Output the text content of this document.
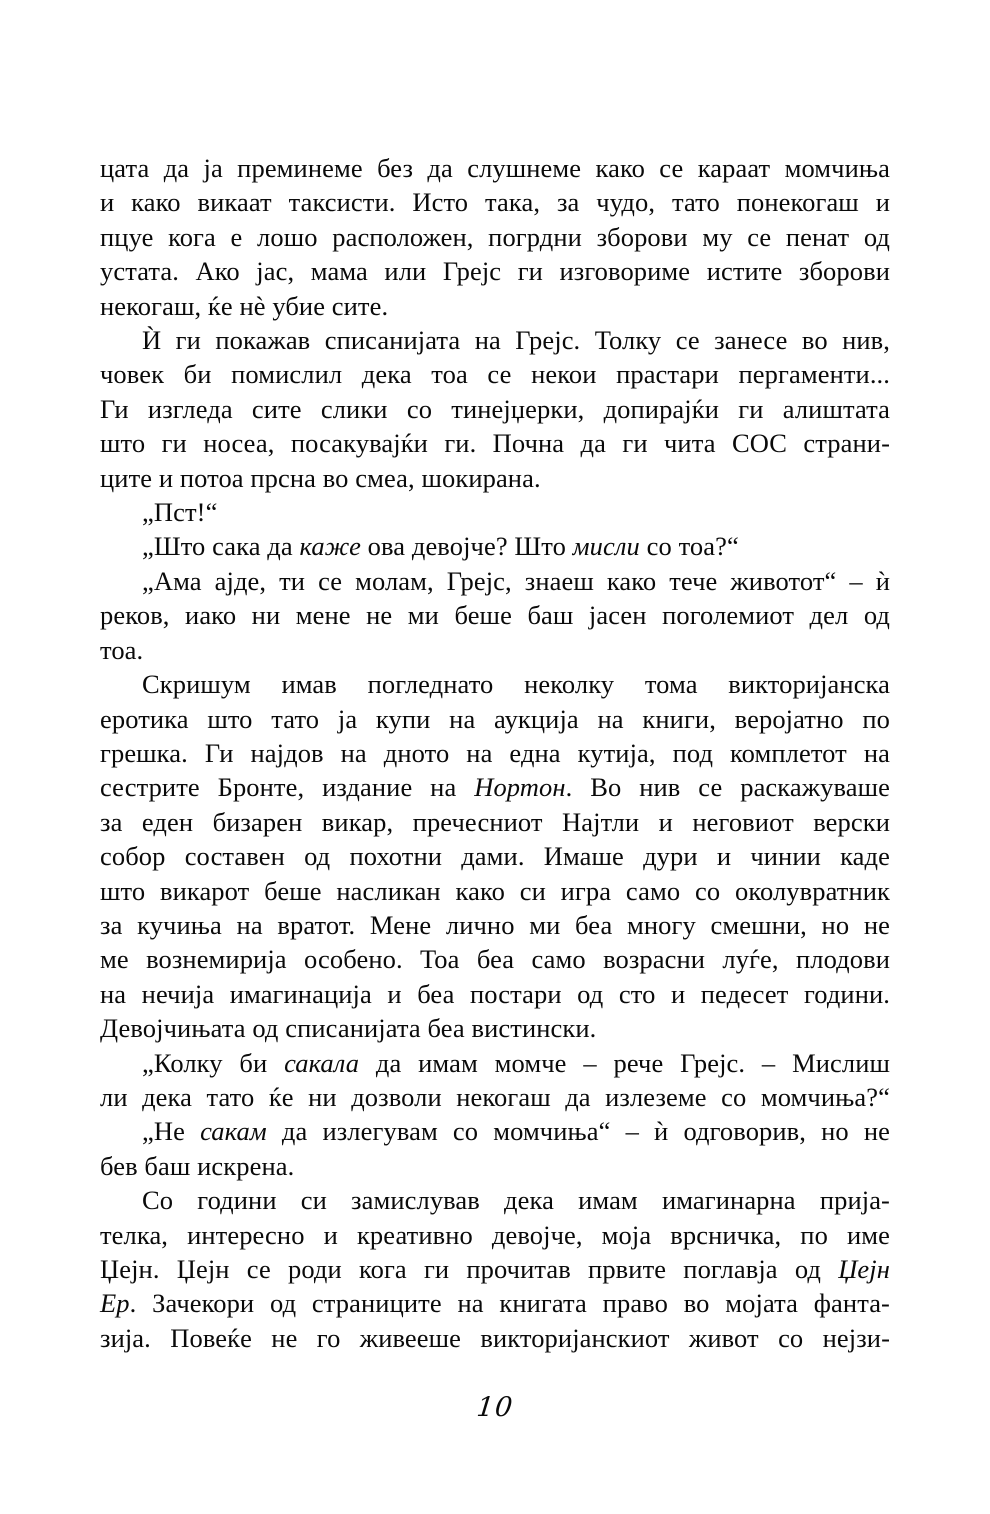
цата да ја преминеме без да слушнеме како се караат момчиња
и како викаат таксисти. Исто така, за чудо, тато понекогаш и
пцуе кога е лошо расположен, погрдни зборови му се пенат од
устата. Ако јас, мама или Грејс ги изговориме истите зборови
некогаш, ќе нѐ убие сите.
Ѝ ги покажав списанијата на Грејс. Толку се занесе во нив,
човек би помислил дека тоа се некои прастари пергаменти...
Ги изгледа сите слики со тинејџерки, допирајќи ги алиштата
што ги носеа, посакувајќи ги. Почна да ги чита СОС страни-
ците и потоа прсна во смеа, шокирана.
„Пст!“
„Што сака да каже ова девојче? Што мисли со тоа?“
„Ама ајде, ти се молам, Грејс, знаеш како тече животот“ – ѝ
реков, иако ни мене не ми беше баш јасен поголемиот дел од
тоа.
Скришум имав погледнато неколку тома викторијанска
еротика што тато ја купи на аукција на книги, веројатно по
грешка. Ги најдов на дното на една кутија, под комплетот на
сестрите Бронте, издание на Нортон. Во нив се раскажуваше
за еден бизарен викар, пречесниот Најтли и неговиот верски
собор составен од похотни дами. Имаше дури и чинии каде
што викарот беше насликан како си игра само со околувратник
за кучиња на вратот. Мене лично ми беа многу смешни, но не
ме вознемирија особено. Тоа беа само возрасни луѓе, плодови
на нечија имагинација и беа постари од сто и педесет години.
Девојчињата од списанијата беа вистински.
„Колку би сакала да имам момче – рече Грејс. – Мислиш
ли дека тато ќе ни дозволи некогаш да излеземе со момчиња?“
„Не сакам да излегувам со момчиња“ – ѝ одговорив, но не
бев баш искрена.
Со години си замислував дека имам имагинарна прија-
телка, интересно и креативно девојче, моја врсничка, по име
Џејн. Џејн се роди кога ги прочитав првите поглавја од Џејн
Ер. Зачекори од страниците на книгата право во мојата фанта-
зија. Повеќе не го живееше викторијанскиот живот со нејзи-
10
